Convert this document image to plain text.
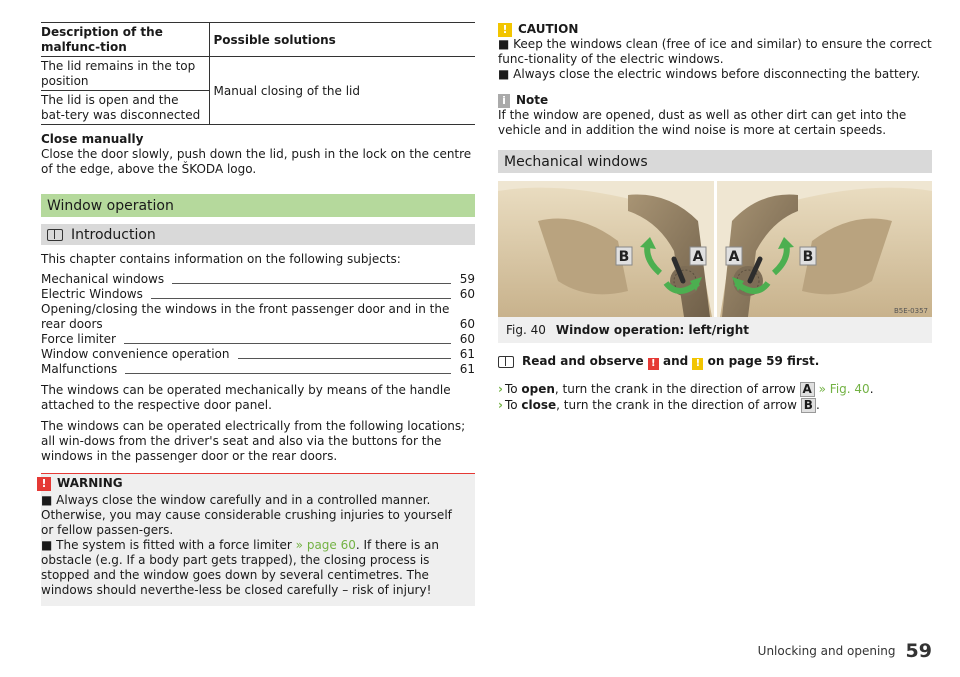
Description of the malfunc-tion	Possible solutions
The lid remains in the top position	Manual closing of the lid
The lid is open and the bat-tery was disconnected	
Close manually
Close the door slowly, push down the lid, push in the lock on the centre of the edge, above the ŠKODA logo.
Window operation
Introduction
This chapter contains information on the following subjects:
Mechanical windows	59
Electric Windows	60
Opening/closing the windows in the front passenger door and in the rear doors	60
Force limiter	60
Window convenience operation	61
Malfunctions	61
The windows can be operated mechanically by means of the handle attached to the respective door panel.
The windows can be operated electrically from the following locations; all win-dows from the driver's seat and also via the buttons for the windows in the passenger door or the rear doors.
! WARNING
■ Always close the window carefully and in a controlled manner. Otherwise, you may cause considerable crushing injuries to yourself or fellow passen-gers.
■ The system is fitted with a force limiter » page 60. If there is an obstacle (e.g. If a body part gets trapped), the closing process is stopped and the window goes down by several centimetres. The windows should neverthe-less be closed carefully – risk of injury!
! CAUTION
■ Keep the windows clean (free of ice and similar) to ensure the correct func-tionality of the electric windows.
■ Always close the electric windows before disconnecting the battery.
i Note
If the window are opened, dust as well as other dirt can get into the vehicle and in addition the wind noise is more at certain speeds.
Mechanical windows
B	A A	B
B5E-0357
Fig. 40 Window operation: left/right
Read and observe ! and ! on page 59 first.
› To open, turn the crank in the direction of arrow A » Fig. 40.
› To close, turn the crank in the direction of arrow B .
Unlocking and opening 59
